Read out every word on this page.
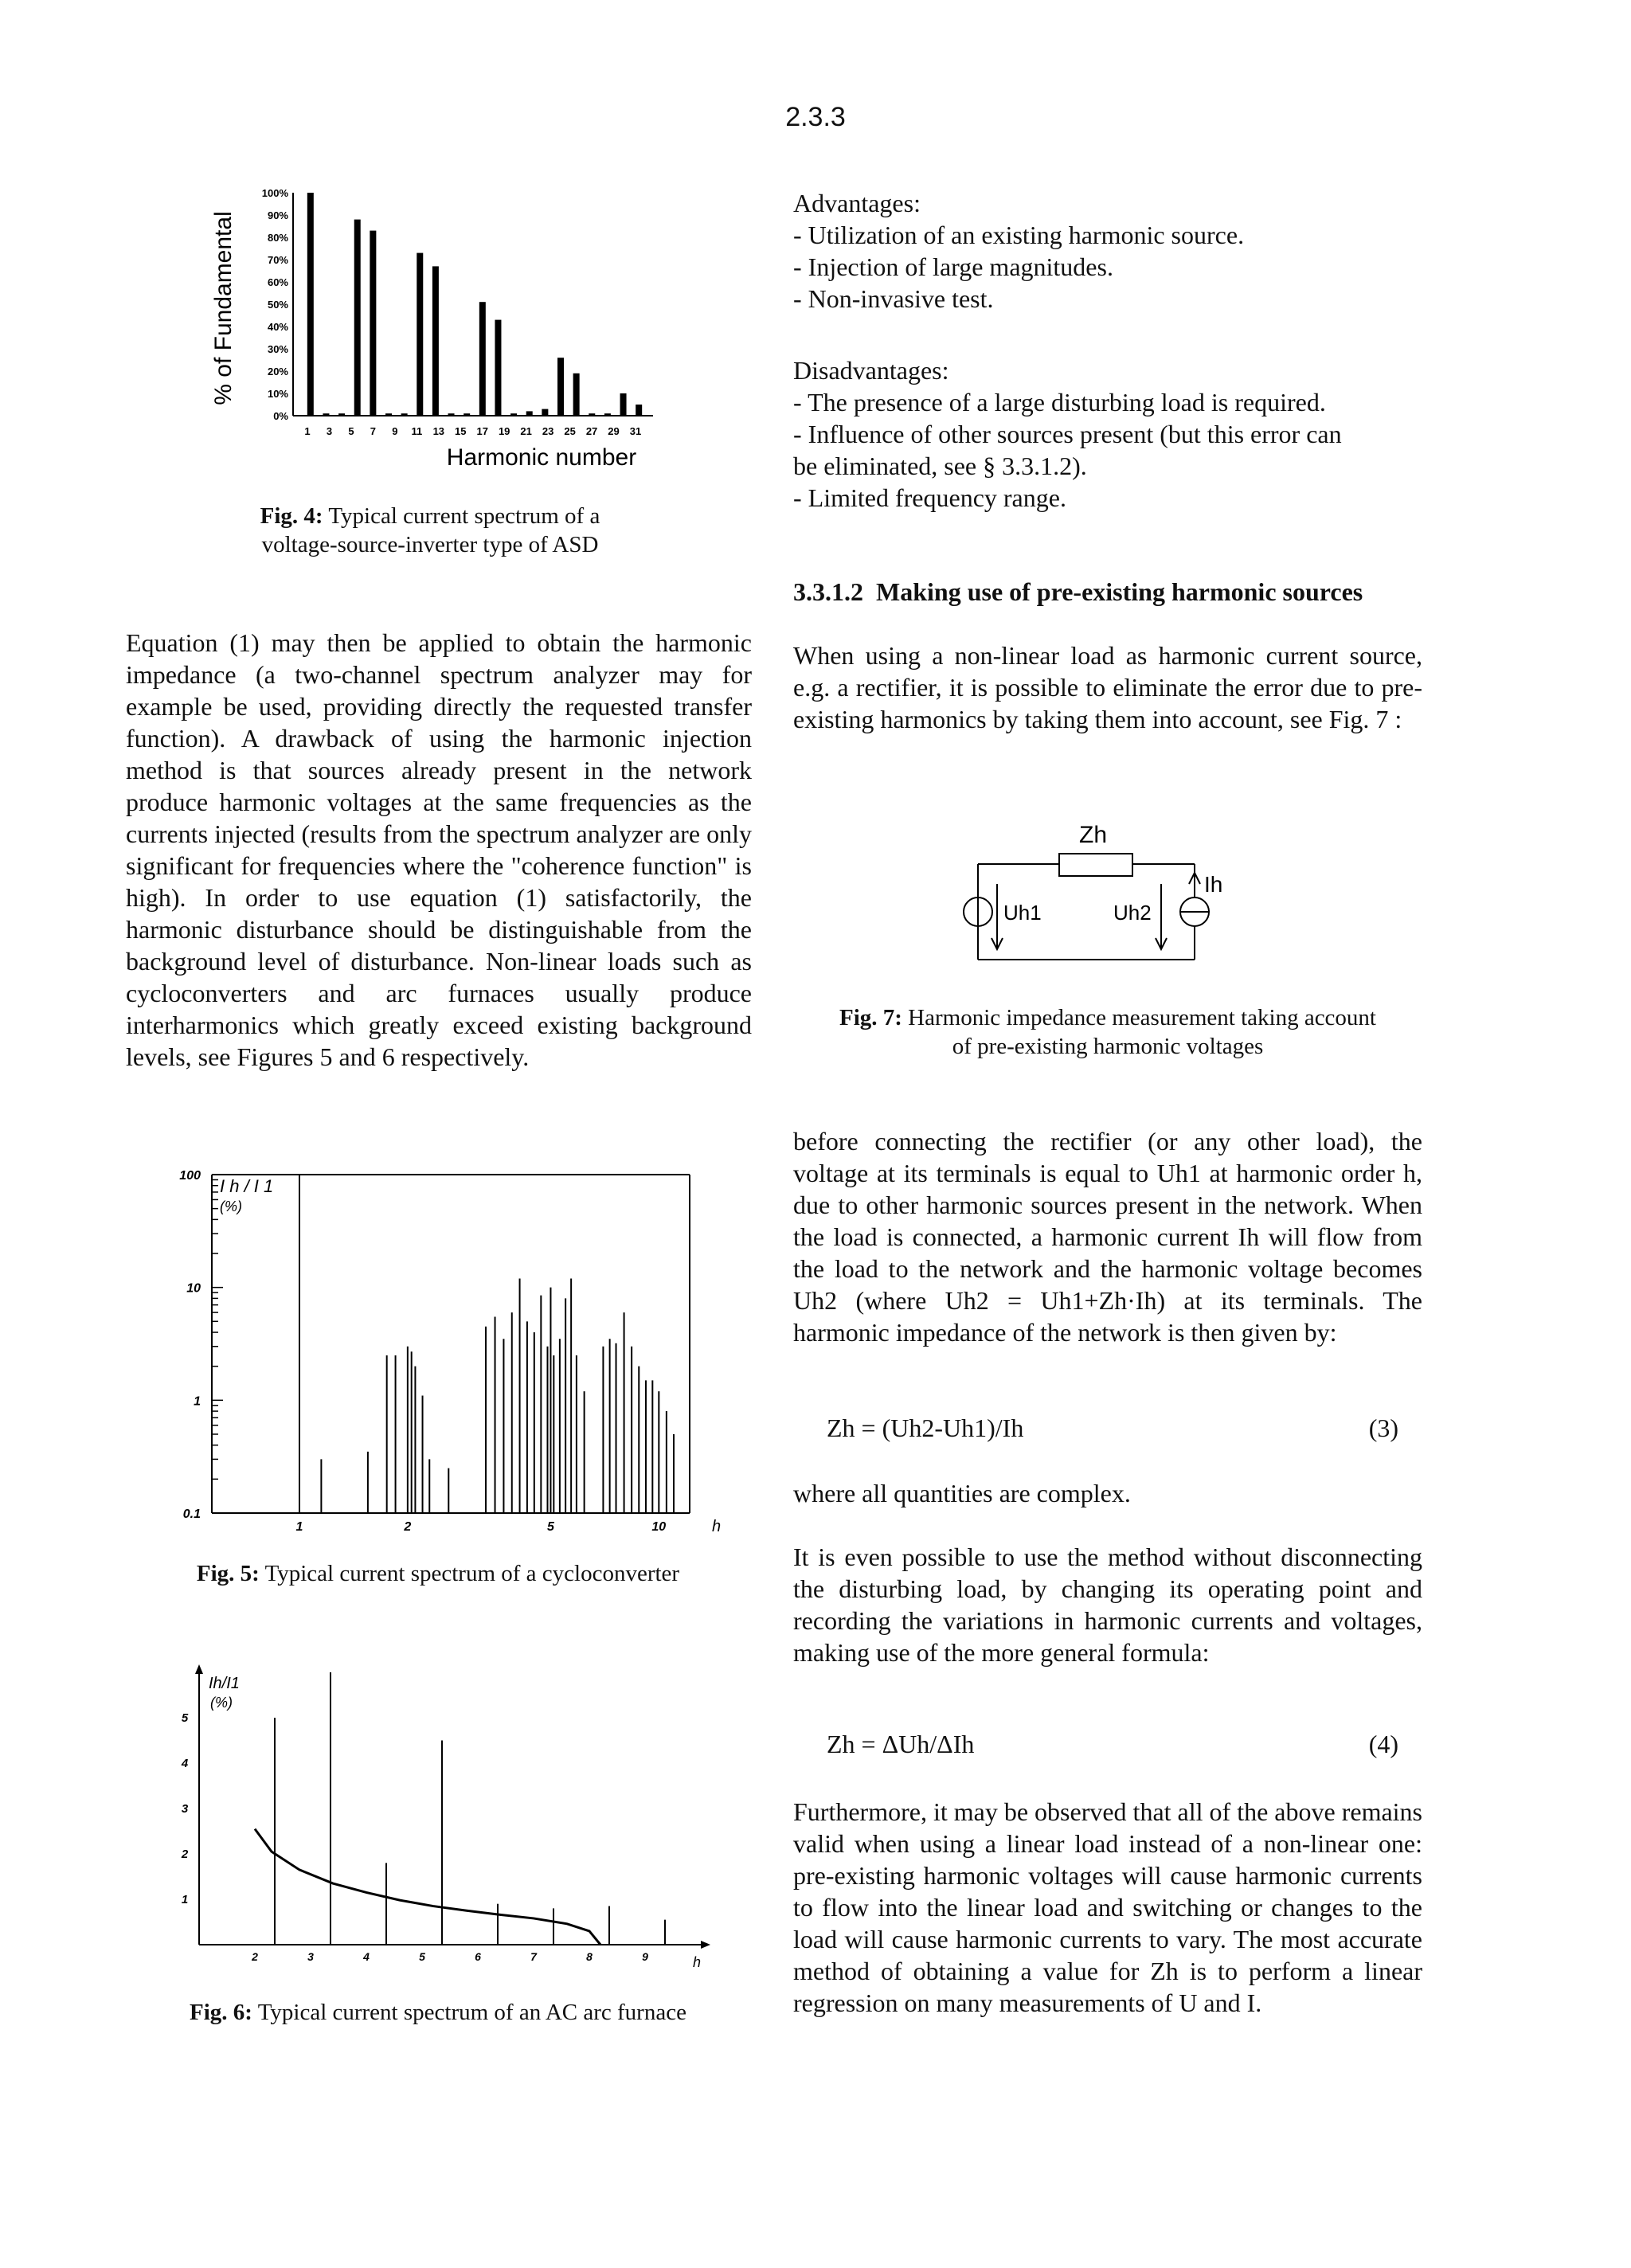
2.3.3
100%
90%
80%
70%
60%
50%
40%
30%
20%
10%
0%
1 3 5 7 9 11 13 15 17 19 21 23 25 27 29 31
% of Fundamental
Harmonic number
Fig. 4: Typical current spectrum of a
voltage-source-inverter type of ASD

Equation (1) may then be applied to obtain the harmonic impedance (a two-channel spectrum analyzer may for example be used, providing directly the requested transfer function). A drawback of using the harmonic injection method is that sources already present in the network produce harmonic voltages at the same frequencies as the currents injected (results from the spectrum analyzer are only significant for frequencies where the "coherence function" is high). In order to use equation (1) satisfactorily, the harmonic disturbance should be distinguishable from the background level of disturbance. Non-linear loads such as cycloconverters and arc furnaces usually produce interharmonics which greatly exceed existing background levels, see Figures 5 and 6 respectively.

100
10
1
0.1
1	2	5	10
I h / I 1
(%)
h
Fig. 5: Typical current spectrum of a cycloconverter
5
4
3
2
1
2	3	4	5	6	7	8	9
Ih/I1
(%)
h
Fig. 6: Typical current spectrum of an AC arc furnace

Advantages:

- Utilization of an existing harmonic source.

- Injection of large magnitudes.

- Non-invasive test.

Disadvantages:

- The presence of a large disturbing load is required.

- Influence of other sources present (but this error can

be eliminated, see § 3.3.1.2).

- Limited frequency range.

3.3.1.2 Making use of pre-existing harmonic sources

When using a non-linear load as harmonic current source, e.g. a rectifier, it is possible to eliminate the error due to pre-existing harmonics by taking them into account, see Fig. 7 :

Zh
Ih
Uh1	Uh2
Fig. 7: Harmonic impedance measurement taking account
of pre-existing harmonic voltages

before connecting the rectifier (or any other load), the voltage at its terminals is equal to Uh1 at harmonic order h, due to other harmonic sources present in the network. When the load is connected, a harmonic current Ih will flow from the load to the network and the harmonic voltage becomes Uh2 (where Uh2 = Uh1+Zh·Ih) at its terminals. The harmonic impedance of the network is then given by:

Zh = (Uh2-Uh1)/Ih	(3)
where all quantities are complex.

It is even possible to use the method without disconnecting the disturbing load, by changing its operating point and recording the variations in harmonic currents and voltages, making use of the more general formula:

Zh = ΔUh/ΔIh	(4)

Furthermore, it may be observed that all of the above remains valid when using a linear load instead of a non-linear one: pre-existing harmonic voltages will cause harmonic currents to flow into the linear load and switching or changes to the load will cause harmonic currents to vary. The most accurate method of obtaining a value for Zh is to perform a linear regression on many measurements of U and I.
